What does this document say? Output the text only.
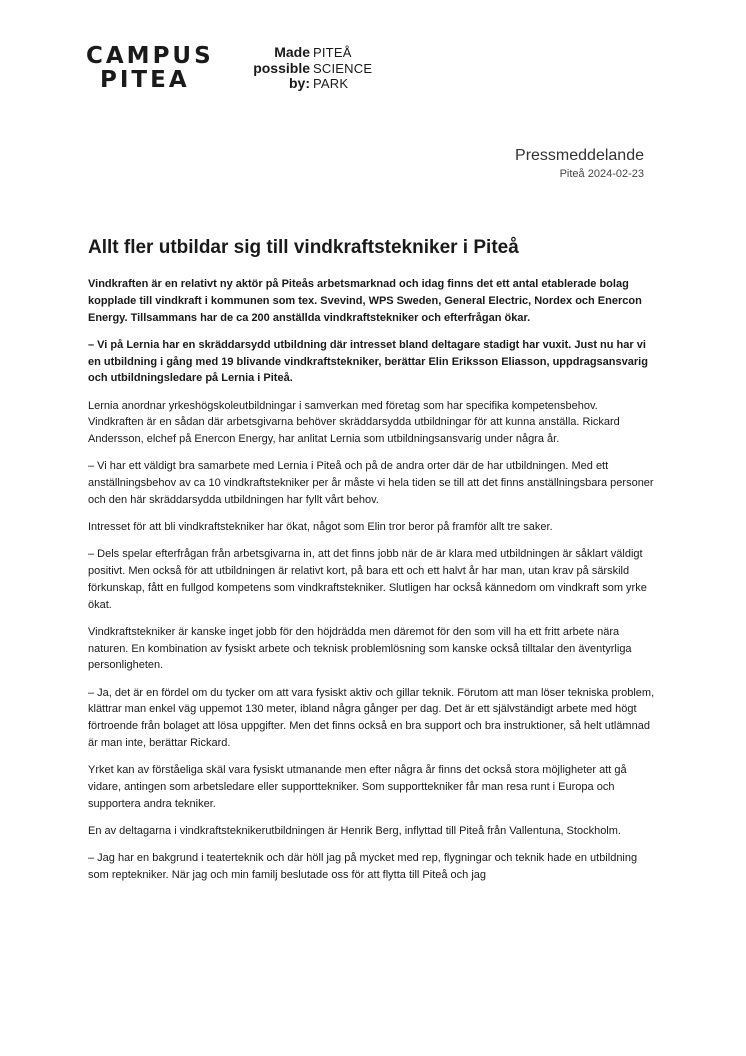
CAMPUS
PITEA
Made
possible
by:
PITEÅ
SCIENCE
PARK
Pressmeddelande
Piteå 2024-02-23
Allt fler utbildar sig till vindkraftstekniker i Piteå

Vindkraften är en relativt ny aktör på Piteås arbetsmarknad och idag finns det ett antal etablerade bolag kopplade till vindkraft i kommunen som tex. Svevind, WPS Sweden, General Electric, Nordex och Enercon Energy. Tillsammans har de ca 200 anställda vindkraftstekniker och efterfrågan ökar.

– Vi på Lernia har en skräddarsydd utbildning där intresset bland deltagare stadigt har vuxit. Just nu har vi en utbildning i gång med 19 blivande vindkraftstekniker, berättar Elin Eriksson Eliasson, uppdragsansvarig och utbildningsledare på Lernia i Piteå.

Lernia anordnar yrkeshögskoleutbildningar i samverkan med företag som har specifika kompetensbehov. Vindkraften är en sådan där arbetsgivarna behöver skräddarsydda utbildningar för att kunna anställa. Rickard Andersson, elchef på Enercon Energy, har anlitat Lernia som utbildningsansvarig under några år.

– Vi har ett väldigt bra samarbete med Lernia i Piteå och på de andra orter där de har utbildningen. Med ett anställningsbehov av ca 10 vindkraftstekniker per år måste vi hela tiden se till att det finns anställningsbara personer och den här skräddarsydda utbildningen har fyllt vårt behov.

Intresset för att bli vindkraftstekniker har ökat, något som Elin tror beror på framför allt tre saker.

– Dels spelar efterfrågan från arbetsgivarna in, att det finns jobb när de är klara med utbildningen är såklart väldigt positivt. Men också för att utbildningen är relativt kort, på bara ett och ett halvt år har man, utan krav på särskild förkunskap, fått en fullgod kompetens som vindkraftstekniker. Slutligen har också kännedom om vindkraft som yrke ökat.

Vindkraftstekniker är kanske inget jobb för den höjdrädda men däremot för den som vill ha ett fritt arbete nära naturen. En kombination av fysiskt arbete och teknisk problemlösning som kanske också tilltalar den äventyrliga personligheten.

– Ja, det är en fördel om du tycker om att vara fysiskt aktiv och gillar teknik. Förutom att man löser tekniska problem, klättrar man enkel väg uppemot 130 meter, ibland några gånger per dag. Det är ett självständigt arbete med högt förtroende från bolaget att lösa uppgifter. Men det finns också en bra support och bra instruktioner, så helt utlämnad är man inte, berättar Rickard.

Yrket kan av förståeliga skäl vara fysiskt utmanande men efter några år finns det också stora möjligheter att gå vidare, antingen som arbetsledare eller supporttekniker. Som supporttekniker får man resa runt i Europa och supportera andra tekniker.

En av deltagarna i vindkraftsteknikerutbildningen är Henrik Berg, inflyttad till Piteå från Vallentuna, Stockholm.

– Jag har en bakgrund i teaterteknik och där höll jag på mycket med rep, flygningar och teknik hade en utbildning som reptekniker. När jag och min familj beslutade oss för att flytta till Piteå och jag
